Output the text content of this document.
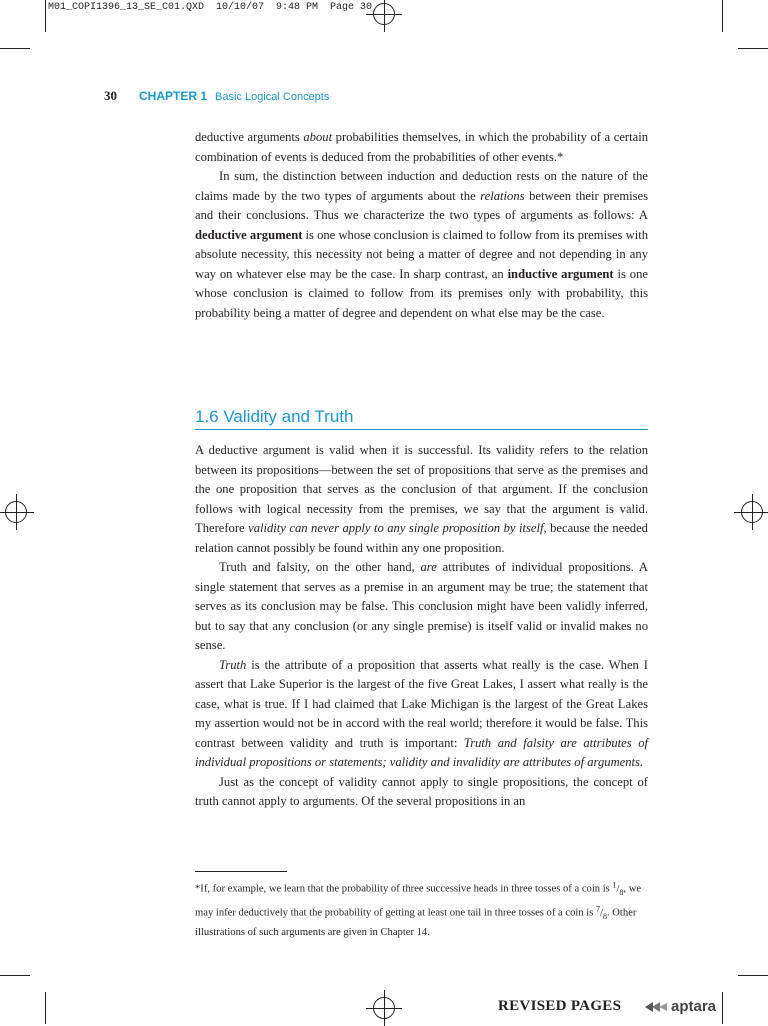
M01_COPI1396_13_SE_C01.QXD  10/10/07  9:48 PM  Page 30
30 CHAPTER 1 Basic Logical Concepts

deductive arguments about probabilities themselves, in which the probability of a certain combination of events is deduced from the probabilities of other events.*

In sum, the distinction between induction and deduction rests on the nature of the claims made by the two types of arguments about the relations between their premises and their conclusions. Thus we characterize the two types of arguments as follows: A deductive argument is one whose conclusion is claimed to follow from its premises with absolute necessity, this necessity not being a matter of degree and not depending in any way on whatever else may be the case. In sharp contrast, an inductive argument is one whose conclusion is claimed to follow from its premises only with probability, this probability being a matter of degree and dependent on what else may be the case.

1.6 Validity and Truth

A deductive argument is valid when it is successful. Its validity refers to the relation between its propositions—between the set of propositions that serve as the premises and the one proposition that serves as the conclusion of that argument. If the conclusion follows with logical necessity from the premises, we say that the argument is valid. Therefore validity can never apply to any single proposition by itself, because the needed relation cannot possibly be found within any one proposition.

Truth and falsity, on the other hand, are attributes of individual propositions. A single statement that serves as a premise in an argument may be true; the statement that serves as its conclusion may be false. This conclusion might have been validly inferred, but to say that any conclusion (or any single premise) is itself valid or invalid makes no sense.

Truth is the attribute of a proposition that asserts what really is the case. When I assert that Lake Superior is the largest of the five Great Lakes, I assert what really is the case, what is true. If I had claimed that Lake Michigan is the largest of the Great Lakes my assertion would not be in accord with the real world; therefore it would be false. This contrast between validity and truth is important: Truth and falsity are attributes of individual propositions or statements; validity and invalidity are attributes of arguments.

Just as the concept of validity cannot apply to single propositions, the concept of truth cannot apply to arguments. Of the several propositions in an

*If, for example, we learn that the probability of three successive heads in three tosses of a coin is $^1/_8$, we may infer deductively that the probability of getting at least one tail in three tosses of a coin is $^7/_8$. Other illustrations of such arguments are given in Chapter 14.

REVISED PAGES	aptara
